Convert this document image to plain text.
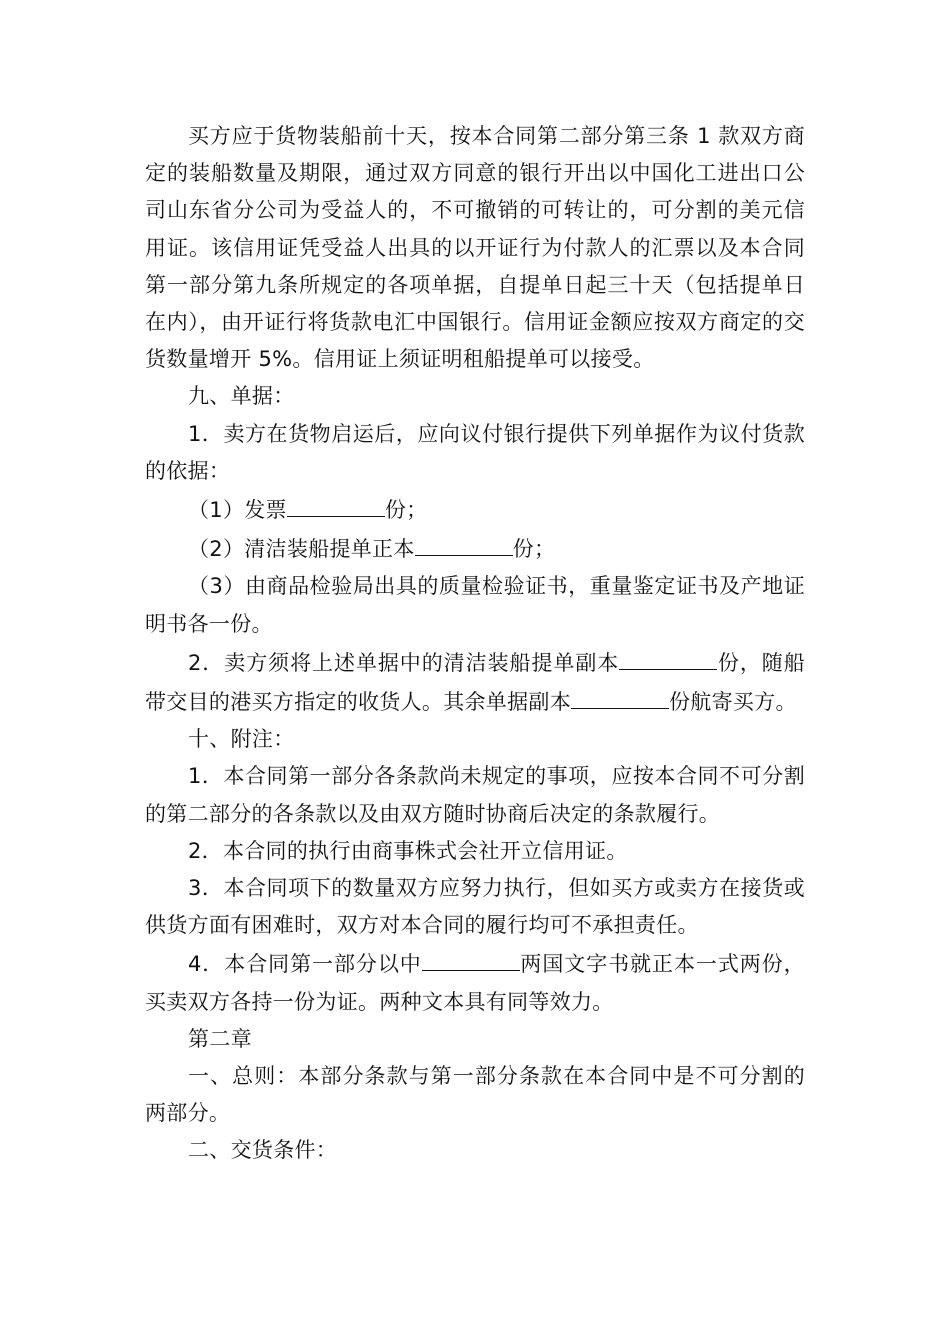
买方应于货物装船前十天，按本合同第二部分第三条 1 款双方商定的装船数量及期限，通过双方同意的银行开出以中国化工进出口公司山东省分公司为受益人的，不可撤销的可转让的，可分割的美元信用证。该信用证凭受益人出具的以开证行为付款人的汇票以及本合同第一部分第九条所规定的各项单据，自提单日起三十天（包括提单日在内），由开证行将货款电汇中国银行。信用证金额应按双方商定的交货数量增开 5%。信用证上须证明租船提单可以接受。

九、单据：

1．卖方在货物启运后，应向议付银行提供下列单据作为议付货款的依据：

（1）发票	份；

（2）清洁装船提单正本	份；

（3）由商品检验局出具的质量检验证书，重量鉴定证书及产地证明书各一份。

2．卖方须将上述单据中的清洁装船提单副本	份，随船带交目的港买方指定的收货人。其余单据副本	份航寄买方。

十、附注：

1．本合同第一部分各条款尚未规定的事项，应按本合同不可分割的第二部分的各条款以及由双方随时协商后决定的条款履行。

2．本合同的执行由商事株式会社开立信用证。

3．本合同项下的数量双方应努力执行，但如买方或卖方在接货或供货方面有困难时，双方对本合同的履行均可不承担责任。

4．本合同第一部分以中	两国文字书就正本一式两份，买卖双方各持一份为证。两种文本具有同等效力。

第二章

一、总则：本部分条款与第一部分条款在本合同中是不可分割的两部分。

二、交货条件：
